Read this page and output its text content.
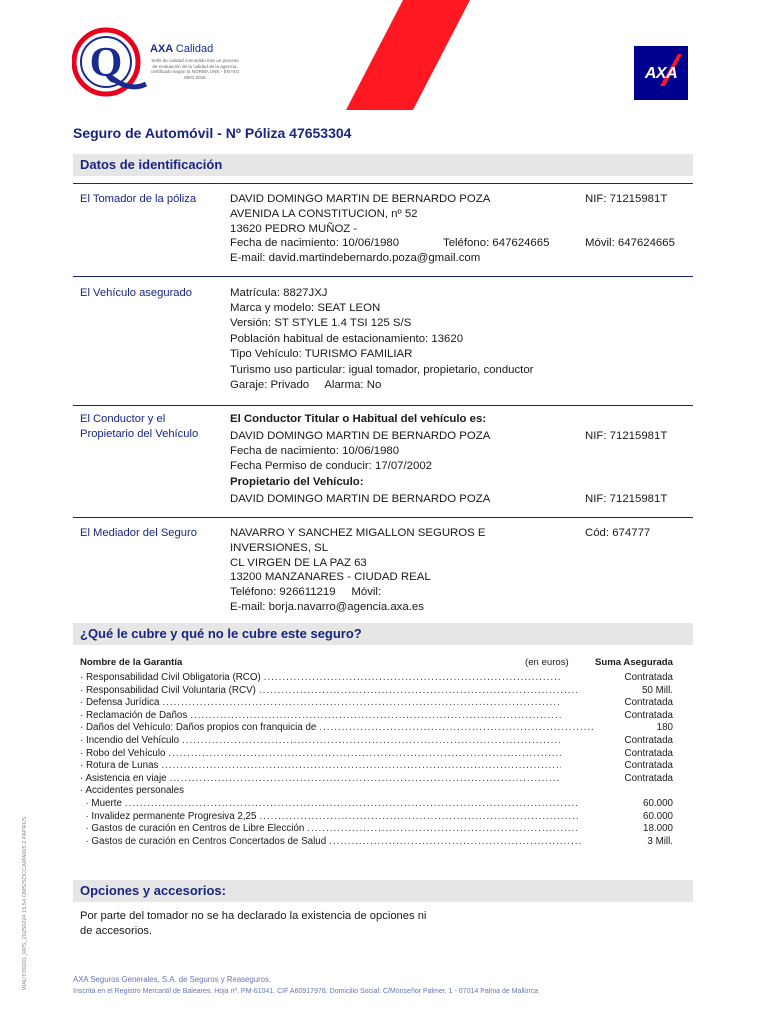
Q	AXA Calidad
Sello de calidad concedido tras un proceso de evaluación de la calidad de la agencia, certificado según la NORMA UNE - EN ISO 9001:2015	AXA
Seguro de Automóvil - Nº Póliza 47653304
Datos de identificación
El Tomador de la póliza	DAVID DOMINGO MARTIN DE BERNARDO POZA	NIF: 71215981T
AVENIDA LA CONSTITUCION, nº 52
13620 PEDRO MUÑOZ -
Fecha de nacimiento: 10/06/1980	Teléfono: 647624665	Móvil: 647624665
E-mail: david.martindebernardo.poza@gmail.com
El Vehículo asegurado	Matrícula: 8827JXJ
Marca y modelo: SEAT LEON
Versión: ST STYLE 1.4 TSI 125 S/S
Población habitual de estacionamiento: 13620
Tipo Vehículo: TURISMO FAMILIAR
Turismo uso particular: igual tomador, propietario, conductor
Garaje: Privado     Alarma: No
El Conductor y el
Propietario del Vehículo
El Conductor Titular o Habitual del vehículo es:
DAVID DOMINGO MARTIN DE BERNARDO POZA	NIF: 71215981T
Fecha de nacimiento: 10/06/1980
Fecha Permiso de conducir: 17/07/2002
Propietario del Vehículo:
DAVID DOMINGO MARTIN DE BERNARDO POZA	NIF: 71215981T
El Mediador del Seguro	NAVARRO Y SANCHEZ MIGALLON SEGUROS E	Cód: 674777
INVERSIONES, SL
CL VIRGEN DE LA PAZ 63
13200 MANZANARES - CIUDAD REAL
Teléfono: 926611219     Móvil:
E-mail: borja.navarro@agencia.axa.es
¿Qué le cubre y qué no le cubre este seguro?
Nombre de la Garantía	(en euros)	Suma Asegurada
· Responsabilidad Civil Obligatoria (RCO) .....	Contratada
· Responsabilidad Civil Voluntaria (RCV) .....	50 Mill.
· Defensa Jurídica .....	Contratada
· Reclamación de Daños .....	Contratada
· Daños del Vehículo: Daños propios con franquicia de .....	180
· Incendio del Vehículo .....	Contratada
· Robo del Vehículo .....	Contratada
· Rotura de Lunas .....	Contratada
· Asistencia en viaje .....	Contratada
· Accidentes personales
· Muerte .....	60.000
· Invalidez permanente Progresiva 2,25 .....	60.000
· Gastos de curación en Centros de Libre Elección .....	18.000
· Gastos de curación en Centros Concertados de Salud .....	3 Mill.
Opciones y accesorios:
Por parte del tomador no se ha declarado la existencia de opciones ni
de accesorios.
AXA Seguros Generales, S.A. de Seguros y Reaseguros.
Inscrita en el Registro Mercantil de Baleares. Hoja nº. PM-61041. CIF A60917978. Domicilio Social: C/Monseñor Palmer, 1 - 07014 Palma de Mallorca
WAUTO0201_RPS_20250224 15:54 OMS/SOCCAMA005 2 PAPRUS
